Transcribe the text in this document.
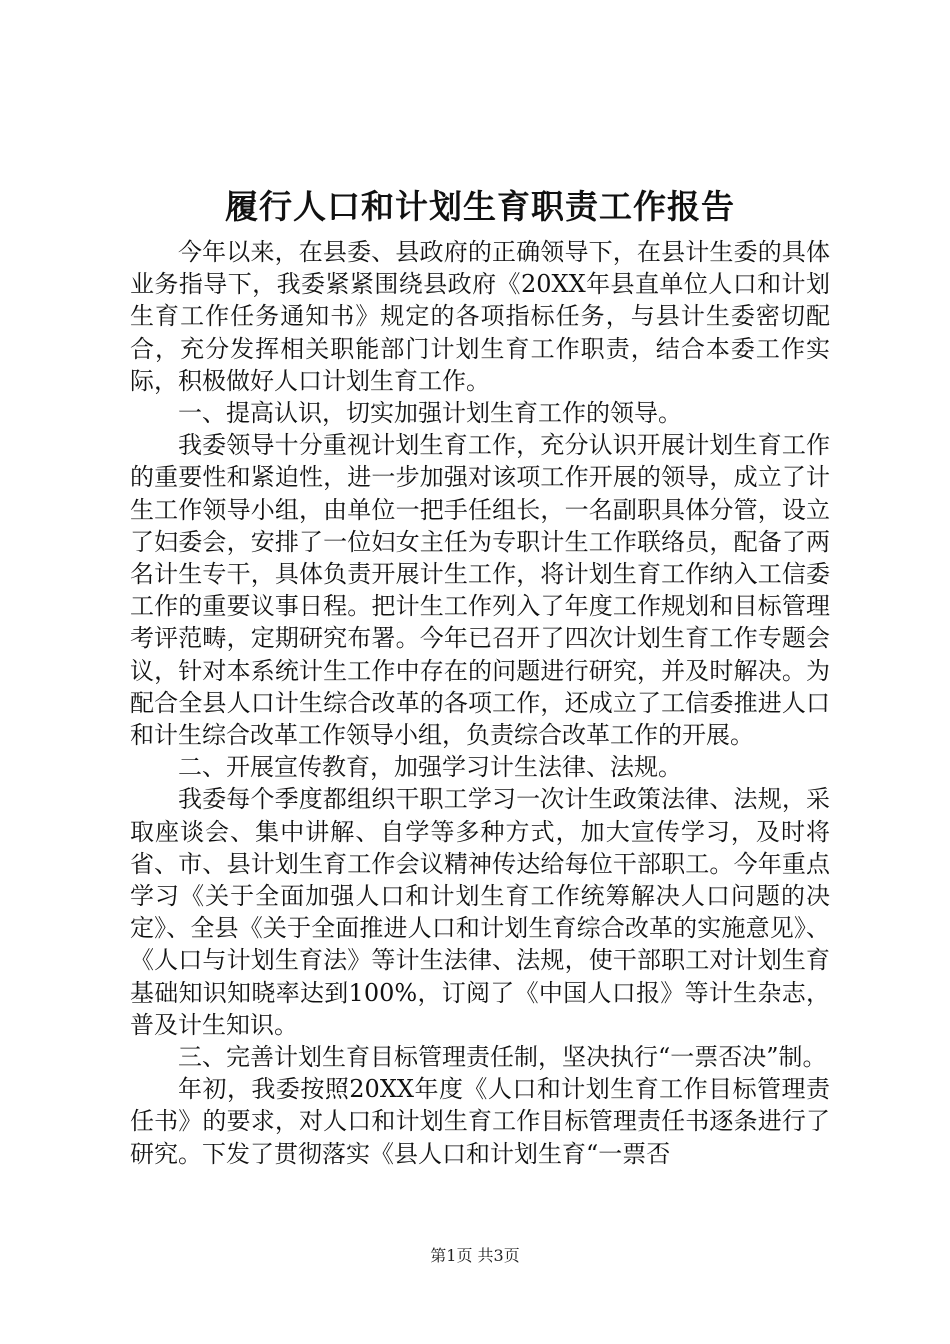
履行人口和计划生育职责工作报告

今年以来，在县委、县政府的正确领导下，在县计生委的具体业务指导下，我委紧紧围绕县政府《20XX年县直单位人口和计划生育工作任务通知书》规定的各项指标任务，与县计生委密切配合，充分发挥相关职能部门计划生育工作职责，结合本委工作实际，积极做好人口计划生育工作。

一、提高认识，切实加强计划生育工作的领导。

我委领导十分重视计划生育工作，充分认识开展计划生育工作的重要性和紧迫性，进一步加强对该项工作开展的领导，成立了计生工作领导小组，由单位一把手任组长，一名副职具体分管，设立了妇委会，安排了一位妇女主任为专职计生工作联络员，配备了两名计生专干，具体负责开展计生工作，将计划生育工作纳入工信委工作的重要议事日程。把计生工作列入了年度工作规划和目标管理考评范畴，定期研究布署。今年已召开了四次计划生育工作专题会议，针对本系统计生工作中存在的问题进行研究，并及时解决。为配合全县人口计生综合改革的各项工作，还成立了工信委推进人口和计生综合改革工作领导小组，负责综合改革工作的开展。

二、开展宣传教育，加强学习计生法律、法规。

我委每个季度都组织干职工学习一次计生政策法律、法规，采取座谈会、集中讲解、自学等多种方式，加大宣传学习，及时将省、市、县计划生育工作会议精神传达给每位干部职工。今年重点学习《关于全面加强人口和计划生育工作统筹解决人口问题的决定》、全县《关于全面推进人口和计划生育综合改革的实施意见》、《人口与计划生育法》等计生法律、法规，使干部职工对计划生育基础知识知晓率达到100%，订阅了《中国人口报》等计生杂志，普及计生知识。

三、完善计划生育目标管理责任制，坚决执行“一票否决”制。

年初，我委按照20XX年度《人口和计划生育工作目标管理责任书》的要求，对人口和计划生育工作目标管理责任书逐条进行了研究。下发了贯彻落实《县人口和计划生育“一票否

第1页 共3页
